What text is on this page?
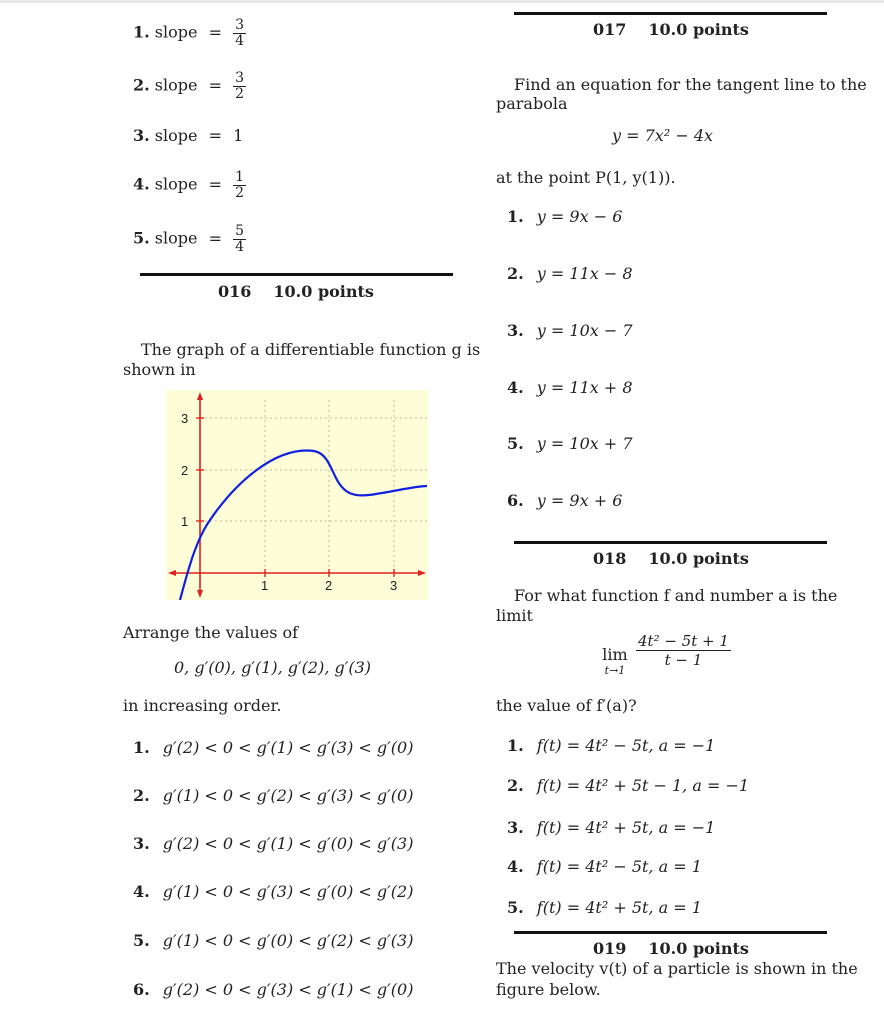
1. slope = $\frac{3}{4}$
2. slope = $\frac{3}{2}$
3. slope = 1
4. slope = $\frac{1}{2}$
5. slope = $\frac{5}{4}$
016 10.0 points
The graph of a differentiable function g is
shown in
3
2
1
1	2	3
Arrange the values of
0, g′(0), g′(1), g′(2), g′(3)
in increasing order.
1. g′(2) < 0 < g′(1) < g′(3) < g′(0)
2. g′(1) < 0 < g′(2) < g′(3) < g′(0)
3. g′(2) < 0 < g′(1) < g′(0) < g′(3)
4. g′(1) < 0 < g′(3) < g′(0) < g′(2)
5. g′(1) < 0 < g′(0) < g′(2) < g′(3)
6. g′(2) < 0 < g′(3) < g′(1) < g′(0)
017 10.0 points
Find an equation for the tangent line to the
parabola
y = 7x² − 4x
at the point P(1, y(1)).
1. y = 9x − 6
2. y = 11x − 8
3. y = 10x − 7
4. y = 11x + 8
5. y = 10x + 7
6. y = 9x + 6
018 10.0 points
For what function f and number a is the
limit
lim
t→1
$\frac{\text{4t² − 5t + 1}}{t - 1}$
the value of f′(a)?
1. f(t) = 4t² − 5t, a = −1
2. f(t) = 4t² + 5t − 1, a = −1
3. f(t) = 4t² + 5t, a = −1
4. f(t) = 4t² − 5t, a = 1
5. f(t) = 4t² + 5t, a = 1
019 10.0 points
The velocity v(t) of a particle is shown in the
figure below.
